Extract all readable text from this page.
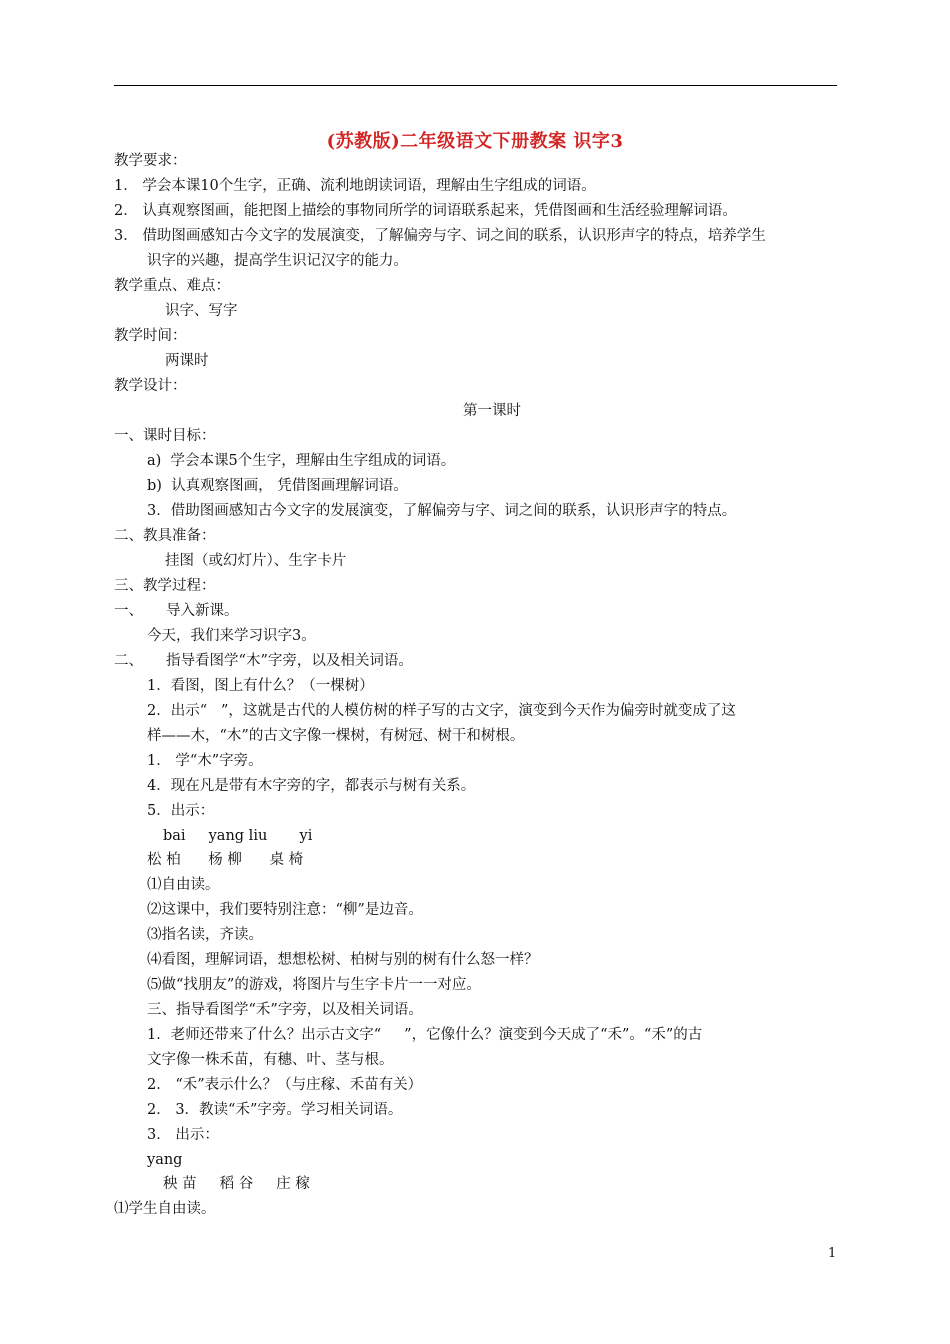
(苏教版)二年级语文下册教案 识字3
教学要求：
1． 学会本课10个生字，正确、流利地朗读词语，理解由生字组成的词语。
2． 认真观察图画，能把图上描绘的事物同所学的词语联系起来，凭借图画和生活经验理解词语。
3． 借助图画感知古今文字的发展演变，了解偏旁与字、词之间的联系，认识形声字的特点，培养学生
识字的兴趣，提高学生识记汉字的能力。
教学重点、难点：
识字、写字
教学时间：
两课时
教学设计：
第一课时
一、课时目标：
a)  学会本课5个生字，理解由生字组成的词语。
b)  认真观察图画， 凭借图画理解词语。
3．借助图画感知古今文字的发展演变，了解偏旁与字、词之间的联系，认识形声字的特点。
二、教具准备：
挂图（或幻灯片）、生字卡片
三、教学过程：
一、     导入新课。
今天，我们来学习识字3。
二、     指导看图学“木”字旁，以及相关词语。
1．看图，图上有什么？（一棵树）
2．出示“   ”，这就是古代的人模仿树的样子写的古文字，演变到今天作为偏旁时就变成了这
样——木，“木”的古文字像一棵树，有树冠、树干和树根。
1． 学“木”字旁。
4．现在凡是带有木字旁的字，都表示与树有关系。
5．出示：
bai     yang liu       yi
松 柏      杨 柳      桌 椅
⑴自由读。
⑵这课中，我们要特别注意：“柳”是边音。
⑶指名读，齐读。
⑷看图，理解词语，想想松树、柏树与别的树有什么怒一样？
⑸做“找朋友”的游戏，将图片与生字卡片一一对应。
三、指导看图学“禾”字旁，以及相关词语。
1．老师还带来了什么？出示古文字“     ”，它像什么？演变到今天成了“禾”。“禾”的古
文字像一株禾苗，有穗、叶、茎与根。
2． “禾”表示什么？（与庄稼、禾苗有关）
2． 3．教读“禾”字旁。学习相关词语。
3． 出示：
yang
秧 苗     稻 谷     庄 稼
⑴学生自由读。
1
